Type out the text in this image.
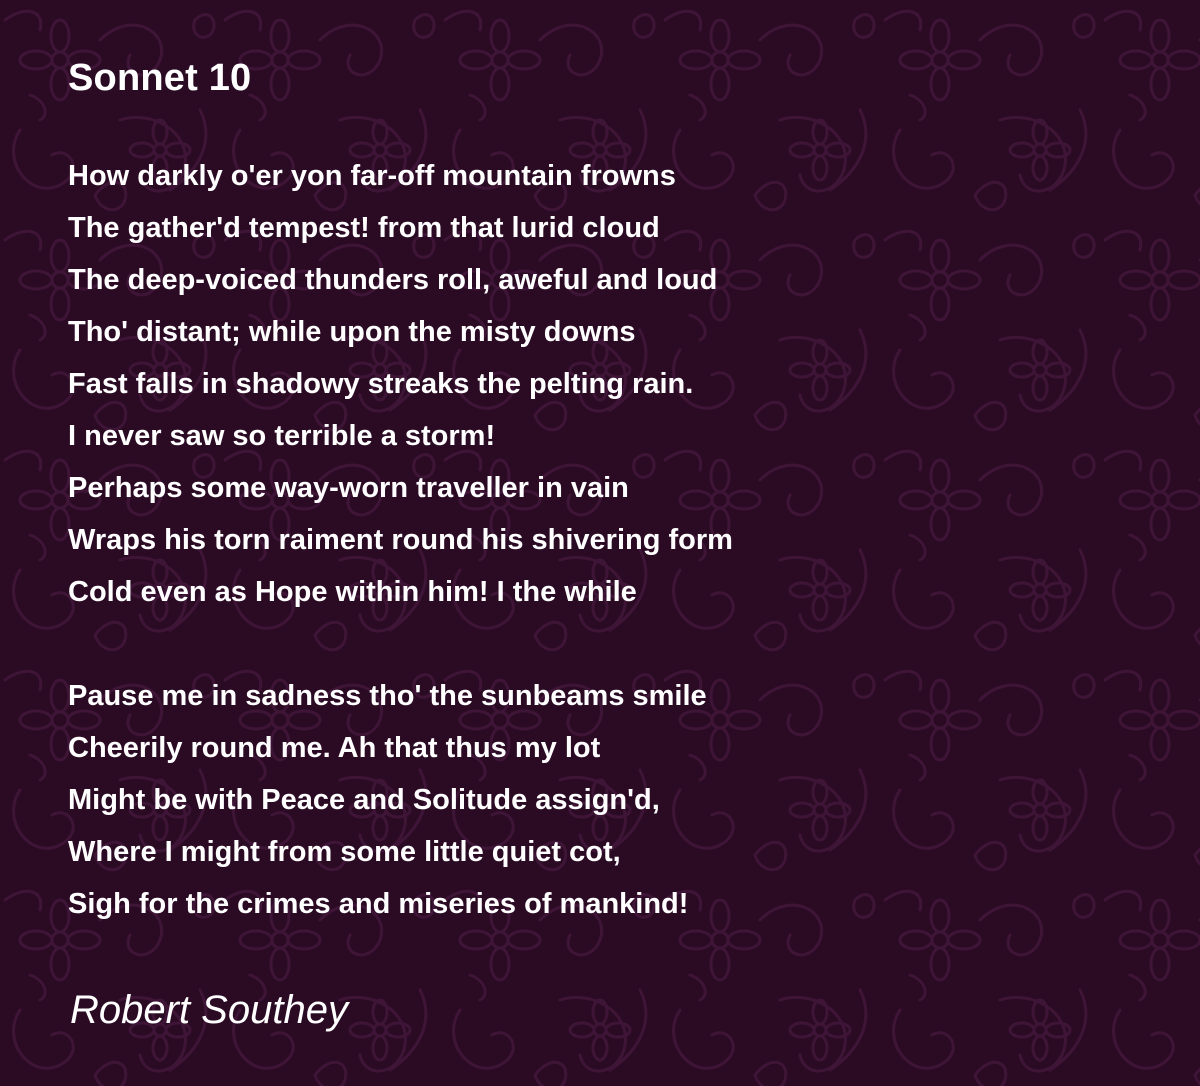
Sonnet 10
How darkly o'er yon far-off mountain frowns
The gather'd tempest! from that lurid cloud
The deep-voiced thunders roll, aweful and loud
Tho' distant; while upon the misty downs
Fast falls in shadowy streaks the pelting rain.
I never saw so terrible a storm!
Perhaps some way-worn traveller in vain
Wraps his torn raiment round his shivering form
Cold even as Hope within him! I the while
Pause me in sadness tho' the sunbeams smile
Cheerily round me. Ah that thus my lot
Might be with Peace and Solitude assign'd,
Where I might from some little quiet cot,
Sigh for the crimes and miseries of mankind!

Robert Southey
